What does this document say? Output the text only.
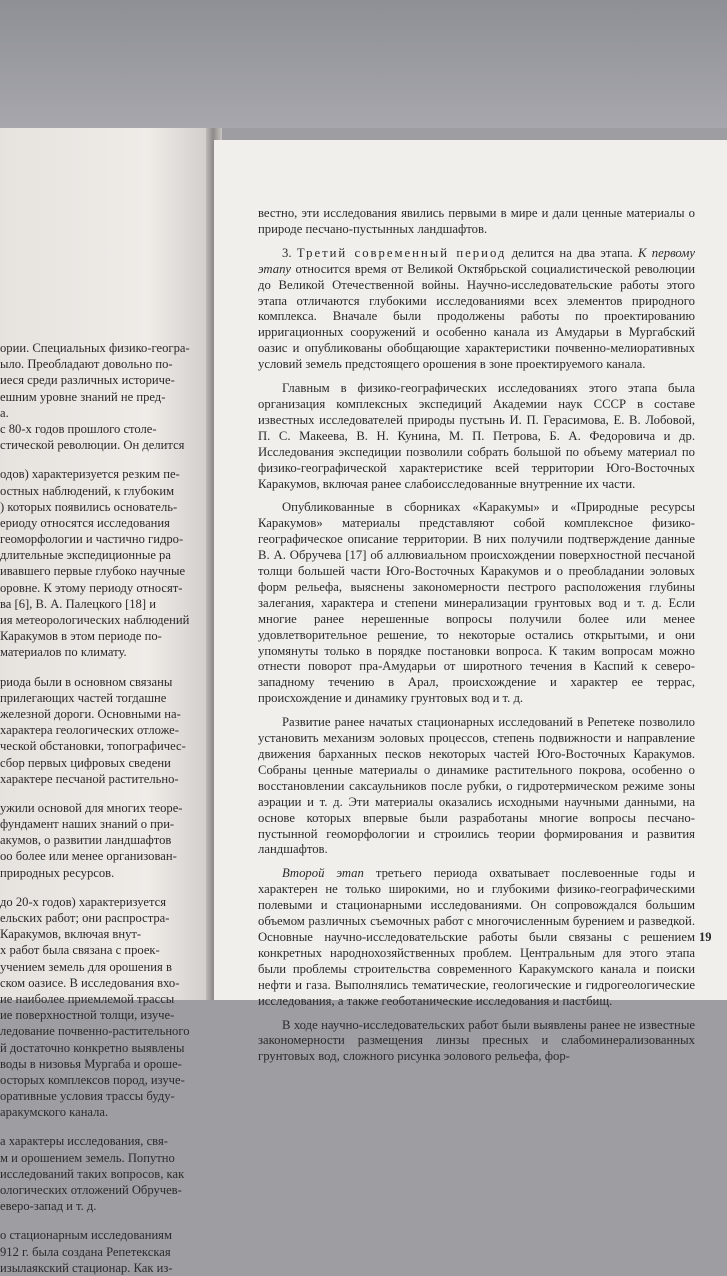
ории. Специальных физико-геогра-
ыло. Преобладают довольно по-
иеся среди различных историче-
ешним уровне знаний не пред-
а.
с 80-х годов прошлого столе-
стической революции. Он делится
одов) характеризуется резким пе-
остных наблюдений, к глубоким
) которых появились основатель-
ериоду относятся исследования
геоморфологии и частично гидро-
длительные экспедиционные ра
ивавшего первые глубоко научные
оровне. К этому периоду относят-
ва [6], В. А. Палецкого [18] и
ия метеорологических наблюдений
Каракумов в этом периоде по-
материалов по климату.
риода были в основном связаны
прилегающих частей тогдашне
железной дороги. Основными на-
характера геологических отложе-
ческой обстановки, топографичес-
сбор первых цифровых сведени
характере песчаной растительно-
ужили основой для многих теоре-
фундамент наших знаний о при-
акумов, о развитии ландшафтов
оо более или менее организован-
природных ресурсов.
до 20-х годов) характеризуется
ельских работ; они распростра-
Каракумов, включая внут-
х работ была связана с проек-
учением земель для орошения в
ском оазисе. В исследования вхо-
ие наиболее приемлемой трассы
ие поверхностной толщи, изуче-
ледование почвенно-растительного
й достаточно конкретно выявлены
воды в низовья Мургаба и ороше-
осторых комплексов пород, изуче-
оративные условия трассы буду-
аракумского канала.
а характеры исследования, свя-
м и орошением земель. Попутно
исследований таких вопросов, как
ологических отложений Обручев-
еверо-запад и т. д.
о стационарным исследованиям
912 г. была создана Репетекская
изылаякский стационар. Как из-

вестно, эти исследования явились первыми в мире и дали ценные материалы о природе песчано-пустынных ландшафтов.

3. Третий современный период делится на два этапа. К первому этапу относится время от Великой Октябрьской социалистической революции до Великой Отечественной войны. Научно-исследовательские работы этого этапа отличаются глубокими исследованиями всех элементов природного комплекса. Вначале были продолжены работы по проектированию ирригационных сооружений и особенно канала из Амударьи в Мургабский оазис и опубликованы обобщающие характеристики почвенно-мелиоративных условий земель предстоящего орошения в зоне проектируемого канала.

Главным в физико-географических исследованиях этого этапа была организация комплексных экспедиций Академии наук СССР в составе известных исследователей природы пустынь И. П. Герасимова, Е. В. Лобовой, П. С. Макеева, В. Н. Кунина, М. П. Петрова, Б. А. Федоровича и др. Исследования экспедиции позволили собрать большой по объему материал по физико-географической характеристике всей территории Юго-Восточных Каракумов, включая ранее слабоисследованные внутренние их части.

Опубликованные в сборниках «Каракумы» и «Природные ресурсы Каракумов» материалы представляют собой комплексное физико-географическое описание территории. В них получили подтверждение данные В. А. Обручева [17] об аллювиальном происхождении поверхностной песчаной толщи большей части Юго-Восточных Каракумов и о преобладании эоловых форм рельефа, выяснены закономерности пестрого расположения глубины залегания, характера и степени минерализации грунтовых вод и т. д. Если многие ранее нерешенные вопросы получили более или менее удовлетворительное решение, то некоторые остались открытыми, и они упомянуты только в порядке постановки вопроса. К таким вопросам можно отнести поворот пра-Амударьи от широтного течения в Каспий к северо-западному течению в Арал, происхождение и характер ее террас, происхождение и динамику грунтовых вод и т. д.

Развитие ранее начатых стационарных исследований в Репетеке позволило установить механизм эоловых процессов, степень подвижности и направление движения барханных песков некоторых частей Юго-Восточных Каракумов. Собраны ценные материалы о динамике растительного покрова, особенно о восстановлении саксаульников после рубки, о гидротермическом режиме зоны аэрации и т. д. Эти материалы оказались исходными научными данными, на основе которых впервые были разработаны многие вопросы песчано-пустынной геоморфологии и строились теории формирования и развития ландшафтов.

Второй этап третьего периода охватывает послевоенные годы и характерен не только широкими, но и глубокими физико-географическими полевыми и стационарными исследованиями. Он сопровождался большим объемом различных съемочных работ с многочисленным бурением и разведкой. Основные научно-исследовательские работы были связаны с решением конкретных народнохозяйственных проблем. Центральным для этого этапа были проблемы строительства современного Каракумского канала и поиски нефти и газа. Выполнялись тематические, геологические и гидрогеологические исследования, а также геоботанические исследования и пастбищ.

В ходе научно-исследовательских работ были выявлены ранее не известные закономерности размещения линзы пресных и слабоминерализованных грунтовых вод, сложного рисунка эолового рельефа, фор-

19
